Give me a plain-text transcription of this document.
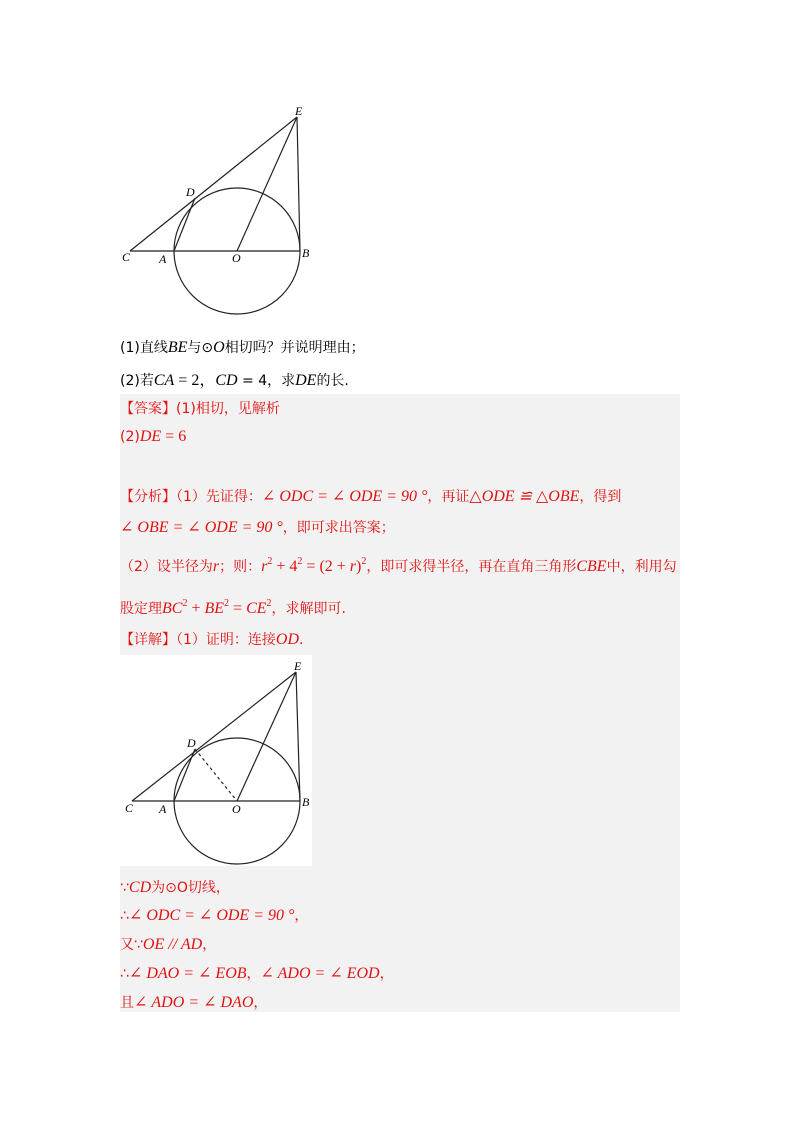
E
D
C A	O	B
(1)直线BE与⊙O相切吗？并说明理由；
(2)若CA = 2，CD = 4，求DE的长.
【答案】(1)相切，见解析
(2)DE = 6
【分析】（1）先证得：∠ ODC = ∠ ODE = 90 °，再证△ODE ≌ △OBE，得到
∠ OBE = ∠ ODE = 90 °，即可求出答案；
（2）设半径为r；则：$r^2 + 4^2 = (2 + r)^2$，即可求得半径，再在直角三角形CBE中，利用勾
股定理$BC^2 + BE^2 = CE^2$，求解即可.
【详解】（1）证明：连接OD.
E
D
C A	O	B
∵CD为⊙O切线，
∴∠ ODC = ∠ ODE = 90 °，
又∵OE // AD，
∴∠ DAO = ∠ EOB，∠ ADO = ∠ EOD，
且∠ ADO = ∠ DAO，
